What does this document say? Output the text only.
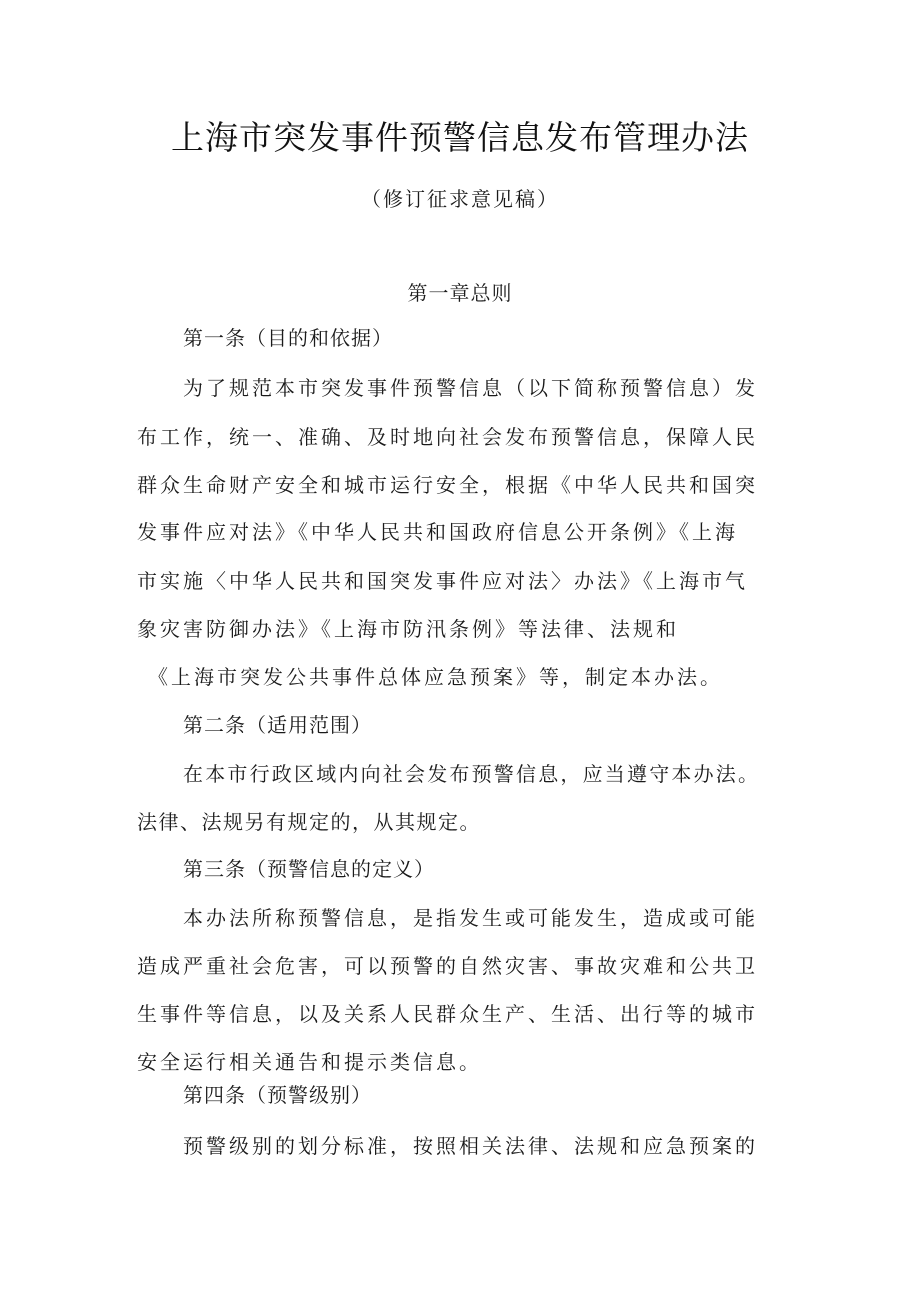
上海市突发事件预警信息发布管理办法

（修订征求意见稿）

第一章总则

第一条（目的和依据）

为了规范本市突发事件预警信息（以下简称预警信息）发

布工作，统一、准确、及时地向社会发布预警信息，保障人民

群众生命财产安全和城市运行安全，根据《中华人民共和国突

发事件应对法》《中华人民共和国政府信息公开条例》《上海

市实施〈中华人民共和国突发事件应对法〉办法》《上海市气

象灾害防御办法》《上海市防汛条例》等法律、法规和

《上海市突发公共事件总体应急预案》等，制定本办法。

第二条（适用范围）

在本市行政区域内向社会发布预警信息，应当遵守本办法。

法律、法规另有规定的，从其规定。

第三条（预警信息的定义）

本办法所称预警信息，是指发生或可能发生，造成或可能

造成严重社会危害，可以预警的自然灾害、事故灾难和公共卫

生事件等信息，以及关系人民群众生产、生活、出行等的城市

安全运行相关通告和提示类信息。

第四条（预警级别）

预警级别的划分标准，按照相关法律、法规和应急预案的
